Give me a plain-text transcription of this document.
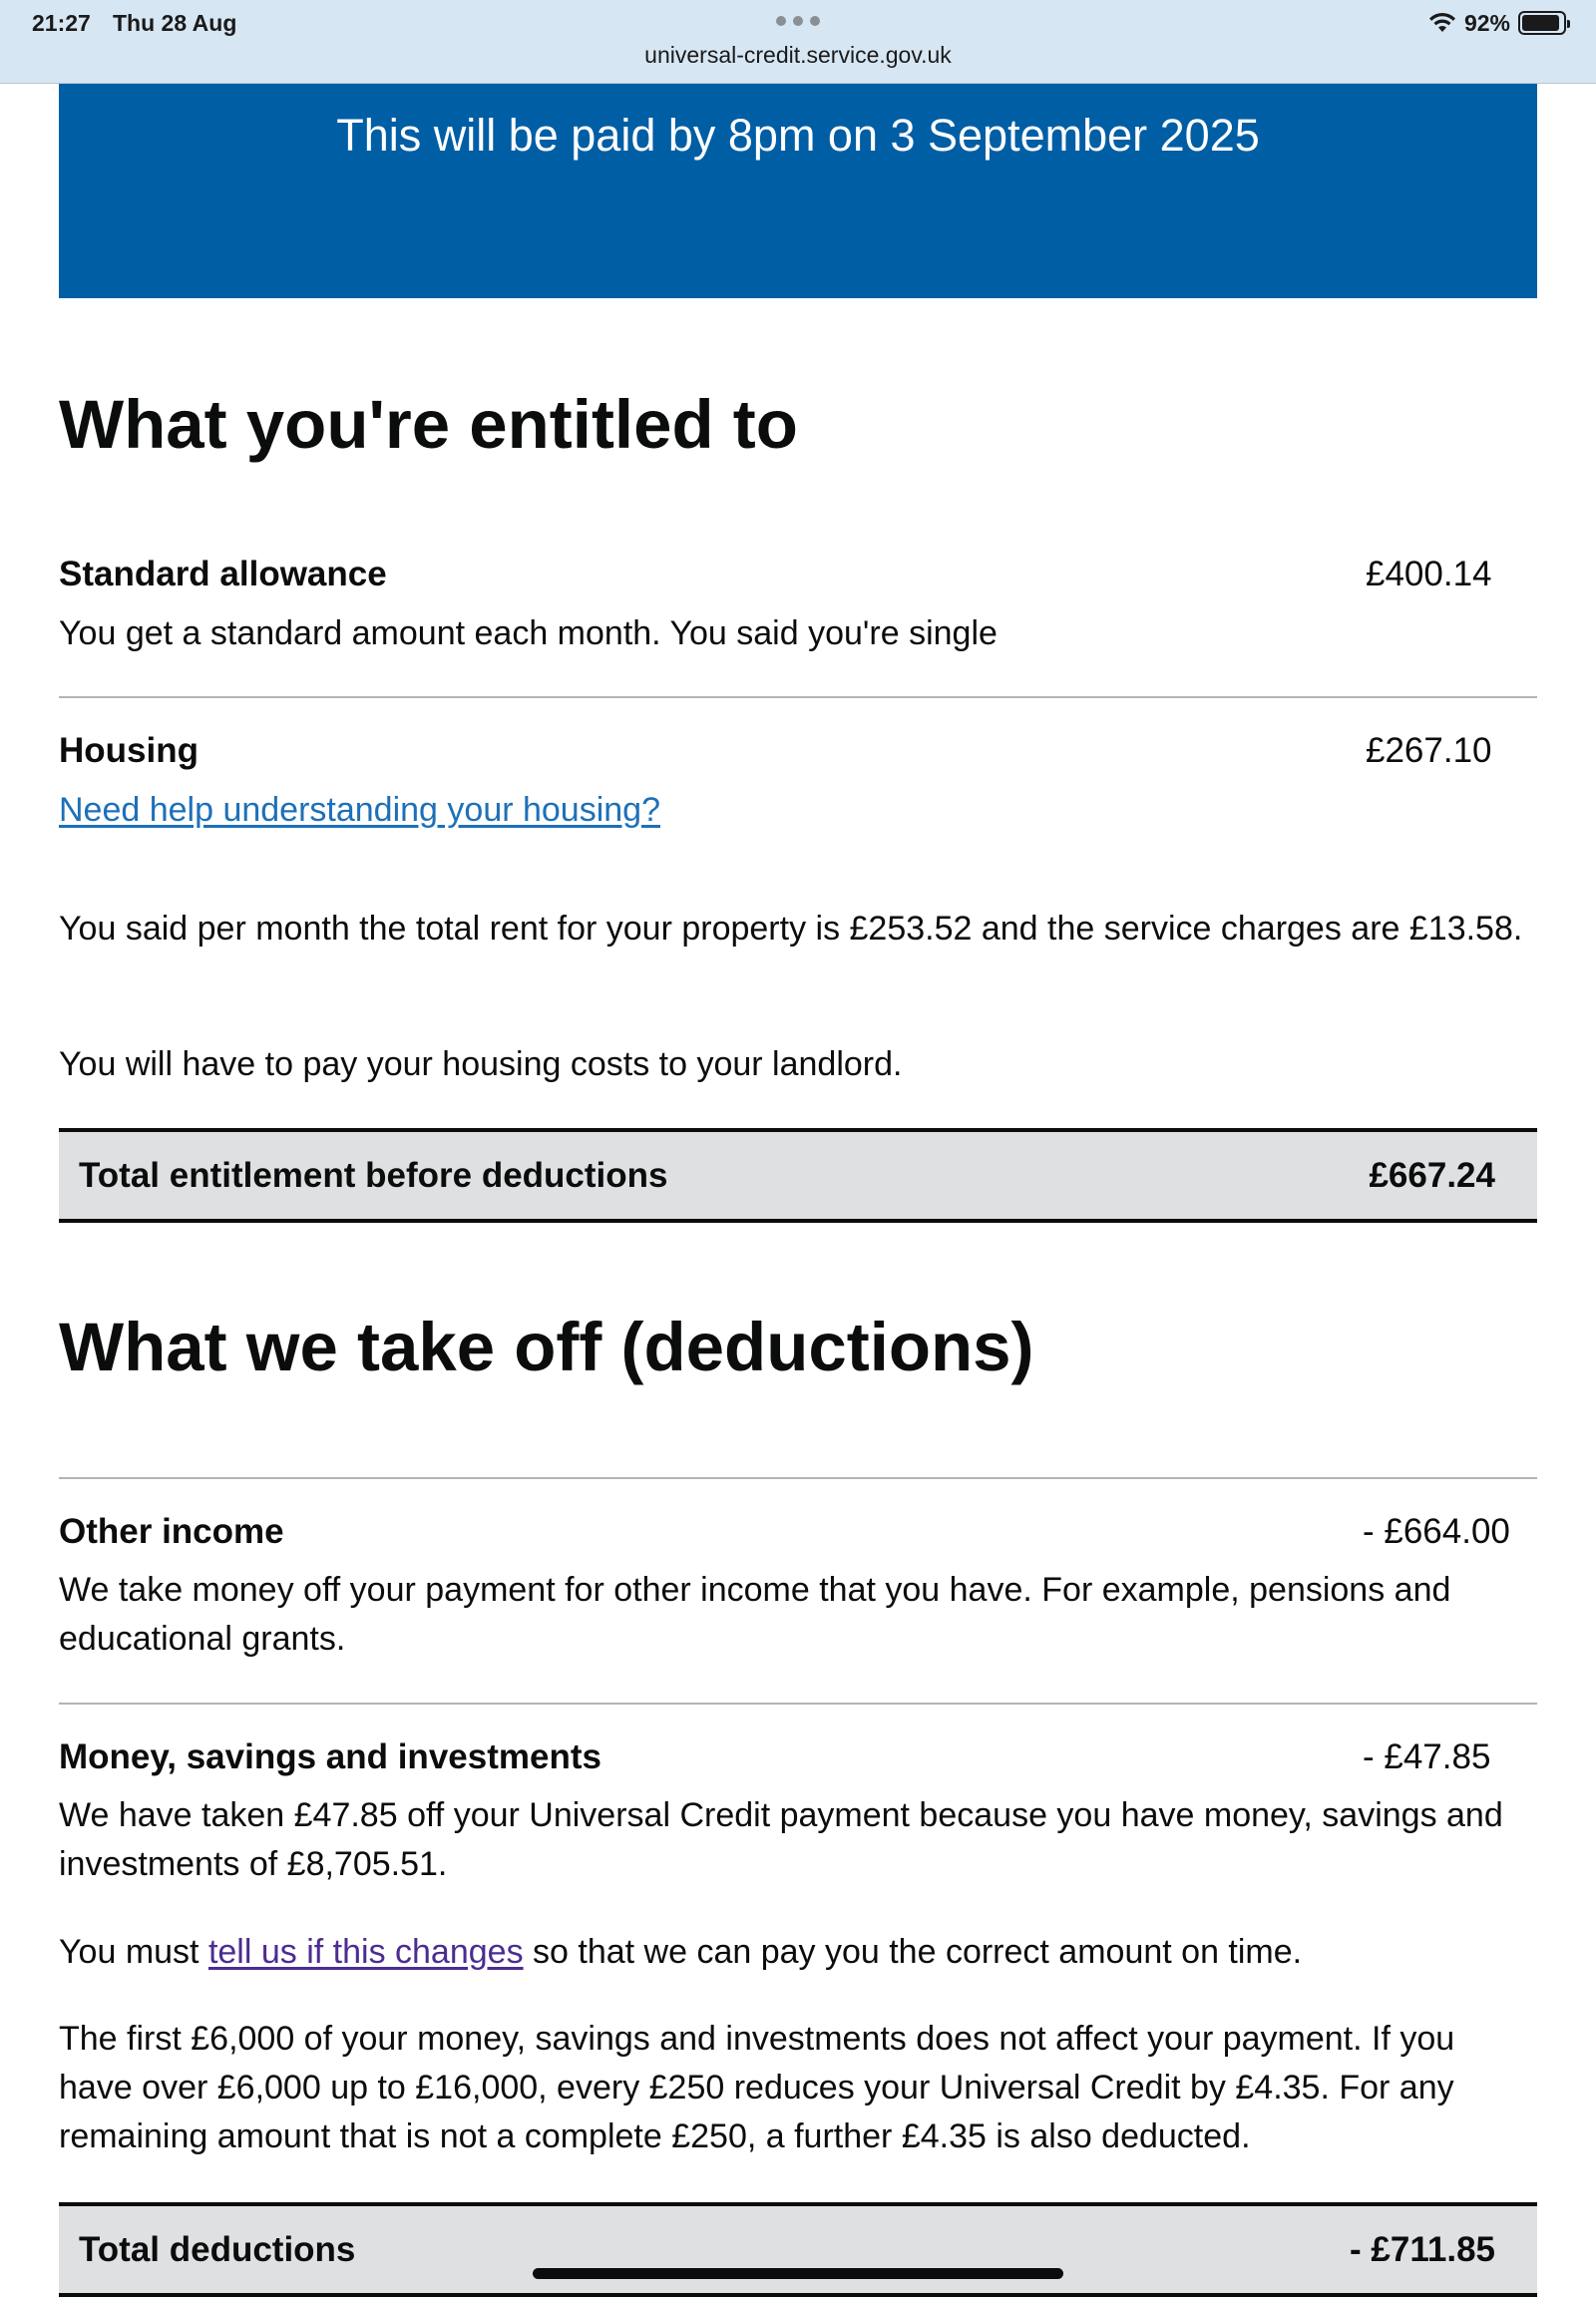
21:27 Thu 28 Aug
universal-credit.service.gov.uk
92%
This will be paid by 8pm on 3 September 2025
What you're entitled to
Standard allowance	£400.14
You get a standard amount each month. You said you're single
Housing	£267.10
Need help understanding your housing?
You said per month the total rent for your property is £253.52 and the service charges are £13.58.
You will have to pay your housing costs to your landlord.
Total entitlement before deductions	£667.24
What we take off (deductions)
Other income	- £664.00
We take money off your payment for other income that you have. For example, pensions and educational grants.
Money, savings and investments	- £47.85
We have taken £47.85 off your Universal Credit payment because you have money, savings and investments of £8,705.51.
You must tell us if this changes so that we can pay you the correct amount on time.
The first £6,000 of your money, savings and investments does not affect your payment. If you have over £6,000 up to £16,000, every £250 reduces your Universal Credit by £4.35. For any remaining amount that is not a complete £250, a further £4.35 is also deducted.
Total deductions	- £711.85
